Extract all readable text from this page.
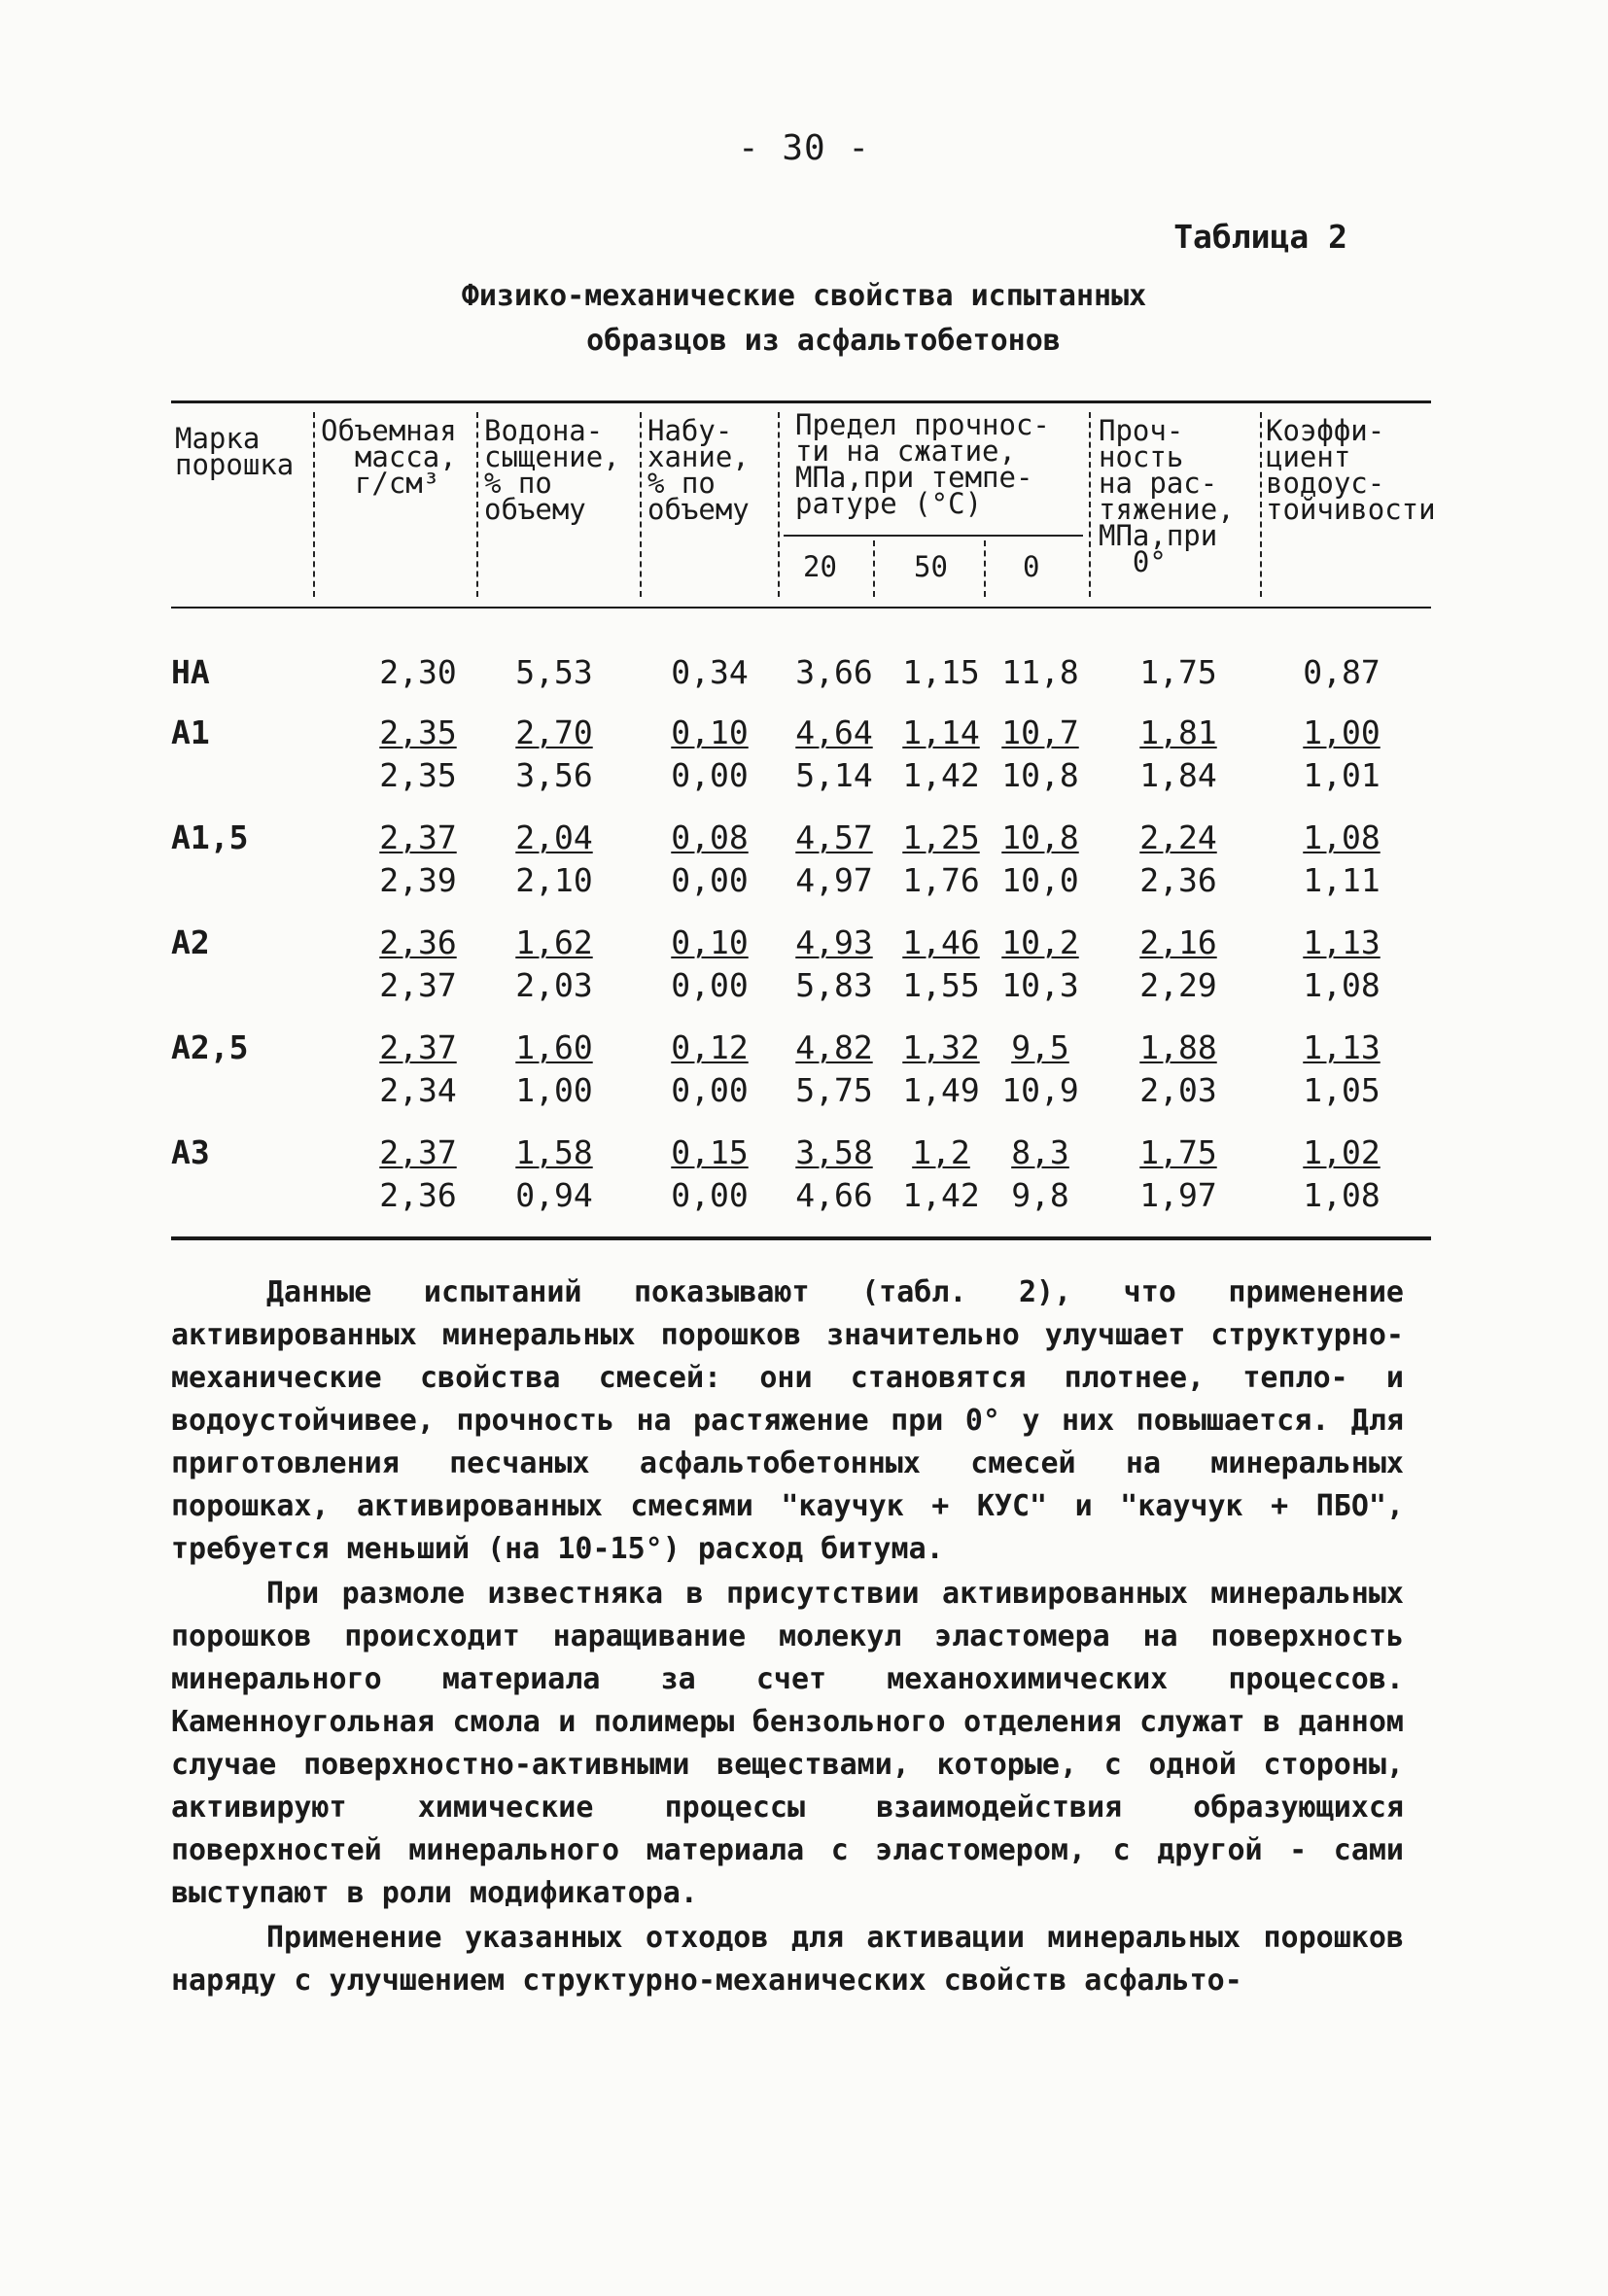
- 30 -
Таблица 2
Физико-механические свойства испытанных
образцов из асфальтобетонов
Марка
порошка
Объемная
масса,
г/см³
Водона-
сыщение,
% по
объему
Набу-
хание,
% по
объему
Предел прочнос-
ти на сжатие,
МПа,при темпе-
ратуре (°С)
20	50	0
Проч-
ность
на рас-
тяжение,
МПа,при
0°
Коэффи-
циент
водоус-
тойчивости
НА	2,30	5,53	0,34	3,66 1,15 11,8	1,75	0,87
А1	2,35	2,70	0,10	4,64 1,14 10,7	1,81	1,00
2,35	3,56	0,00	5,14 1,42 10,8	1,84	1,01
А1,5	2,37	2,04	0,08	4,57 1,25 10,8	2,24	1,08
2,39	2,10	0,00	4,97 1,76 10,0	2,36	1,11
А2	2,36	1,62	0,10	4,93 1,46 10,2	2,16	1,13
2,37	2,03	0,00	5,83 1,55 10,3	2,29	1,08
А2,5	2,37	1,60	0,12	4,82 1,32 9,5	1,88	1,13
2,34	1,00	0,00	5,75 1,49 10,9	2,03	1,05
А3	2,37	1,58	0,15	3,58	1,2	8,3	1,75	1,02
2,36	0,94	0,00	4,66 1,42 9,8	1,97	1,08

Данные испытаний показывают (табл. 2), что применение активированных минеральных порошков значительно улучшает структурно-механические свойства смесей: они становятся плотнее, тепло- и водоустойчивее, прочность на растяжение при 0° у них повышается. Для приготовления песчаных асфальтобетонных смесей на минеральных порошках, активированных смесями "каучук + КУС" и "каучук + ПБО", требуется меньший (на 10-15°) расход битума.

При размоле известняка в присутствии активированных минеральных порошков происходит наращивание молекул эластомера на поверхность минерального материала за счет механохимических процессов. Каменноугольная смола и полимеры бензольного отделения служат в данном случае поверхностно-активными веществами, которые, с одной стороны, активируют химические процессы взаимодействия образующихся поверхностей минерального материала с эластомером, с другой - сами выступают в роли модификатора.

Применение указанных отходов для активации минеральных порошков наряду с улучшением структурно-механических свойств асфальто-
